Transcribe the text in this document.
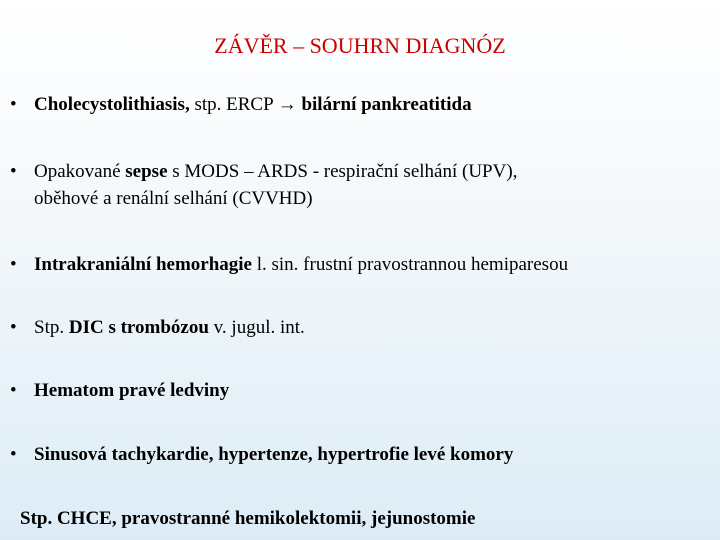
ZÁVĚR – SOUHRN DIAGNÓZ
• Cholecystolithiasis, stp. ERCP → bilární pankreatitida
• Opakované sepse s MODS – ARDS - respirační selhání (UPV),
oběhové a renální selhání (CVVHD)
• Intrakraniální hemorhagie l. sin. frustní pravostrannou hemiparesou
• Stp. DIC s trombózou v. jugul. int.
• Hematom pravé ledviny
• Sinusová tachykardie, hypertenze, hypertrofie levé komory
Stp. CHCE, pravostranné hemikolektomii, jejunostomie
